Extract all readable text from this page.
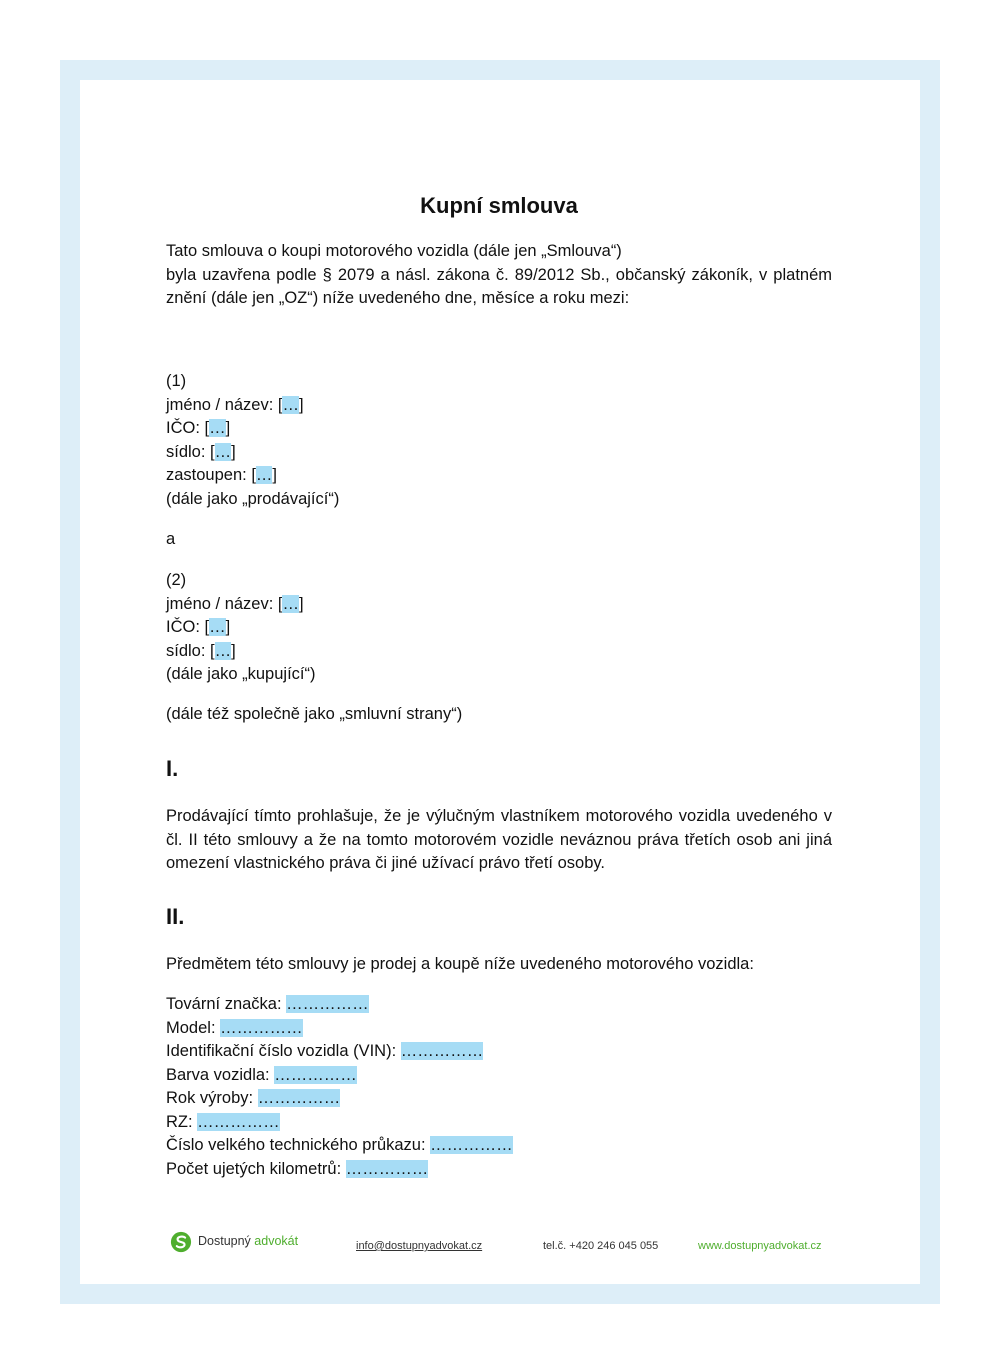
Kupní smlouva
Tato smlouva o koupi motorového vozidla (dále jen „Smlouva“)
byla uzavřena podle § 2079 a násl. zákona č. 89/2012 Sb., občanský zákoník, v platném znění (dále jen „OZ“) níže uvedeného dne, měsíce a roku mezi:
(1)
jméno / název: […]
IČO: […]
sídlo: […]
zastoupen: […]
(dále jako „prodávající“)
a
(2)
jméno / název: […]
IČO: […]
sídlo: […]
(dále jako „kupující“)
(dále též společně jako „smluvní strany“)
I.
Prodávající tímto prohlašuje, že je výlučným vlastníkem motorového vozidla uvedeného v čl. II této smlouvy a že na tomto motorovém vozidle neváznou práva třetích osob ani jiná omezení vlastnického práva či jiné užívací právo třetí osoby.
II.
Předmětem této smlouvy je prodej a koupě níže uvedeného motorového vozidla:
Tovární značka: ……………
Model: ……………
Identifikační číslo vozidla (VIN): ……………
Barva vozidla: ……………
Rok výroby: ……………
RZ: ……………
Číslo velkého technického průkazu: ……………
Počet ujetých kilometrů: ……………
Dostupný advokát	info@dostupnyadvokat.cz	tel.č. +420 246 045 055	www.dostupnyadvokat.cz
